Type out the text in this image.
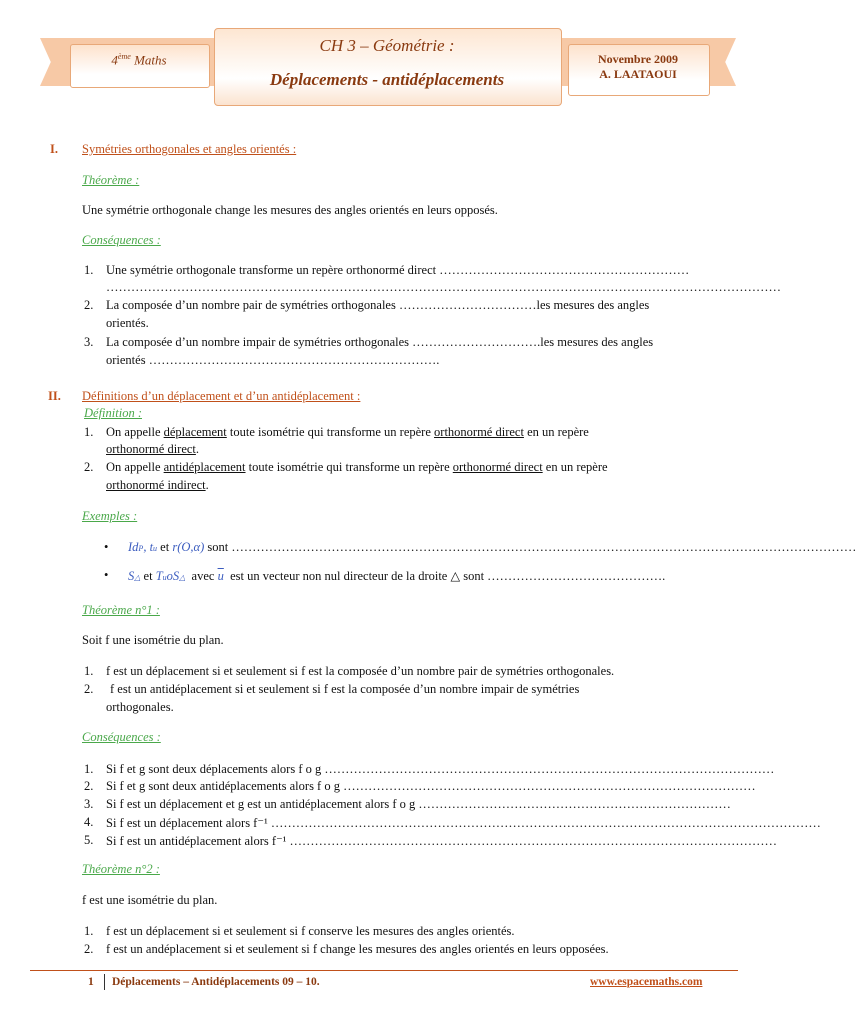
4ème Maths
CH 3 – Géométrie :
Déplacements - antidéplacements
Novembre 2009
A. LAATAOUI
I. Symétries orthogonales et angles orientés :
Théorème :
Une symétrie orthogonale change les mesures des angles orientés en leurs opposés.
Conséquences :
1. Une symétrie orthogonale transforme un repère orthonormé direct ……………………………………………………
………………………………………………………………………………………………………………………………………………
2. La composée d’un nombre pair de symétries orthogonales ……………………………les mesures des angles
orientés.
3. La composée d’un nombre impair de symétries orthogonales ………………………….les mesures des angles
orientés …………………………………………………………….
II. Définitions d’un déplacement et d’un antidéplacement :
Définition :
1. On appelle déplacement toute isométrie qui transforme un repère orthonormé direct en un repère
orthonormé direct.
2. On appelle antidéplacement toute isométrie qui transforme un repère orthonormé direct en un repère
orthonormé indirect.
Exemples :
• IdP, tu et r(O,α) sont ……………………………………………………………………………………………………………………………………
• S△ et TuoS△ avec $\overline{u}$ est un vecteur non nul directeur de la droite △ sont …………………………………….
Théorème n°1 :
Soit f une isométrie du plan.
1. f est un déplacement si et seulement si f est la composée d’un nombre pair de symétries orthogonales.
2. f est un antidéplacement si et seulement si f est la composée d’un nombre impair de symétries
orthogonales.
Conséquences :
1. Si f et g sont deux déplacements alors f o g ………………………………………………………………………………………………
2. Si f et g sont deux antidéplacements alors f o g ………………………………………………………………………………………
3. Si f est un déplacement et g est un antidéplacement alors f o g …………………………………………………………………
4. Si f est un déplacement alors f⁻¹ ……………………………………………………………………………………………………………………
5. Si f est un antidéplacement alors f⁻¹ ………………………………………………………………………………………………………
Théorème n°2 :
f est une isométrie du plan.
1. f est un déplacement si et seulement si f conserve les mesures des angles orientés.
2. f est un andéplacement si et seulement si f change les mesures des angles orientés en leurs opposées.
1 Déplacements – Antidéplacements 09 – 10.	www.espacemaths.com
